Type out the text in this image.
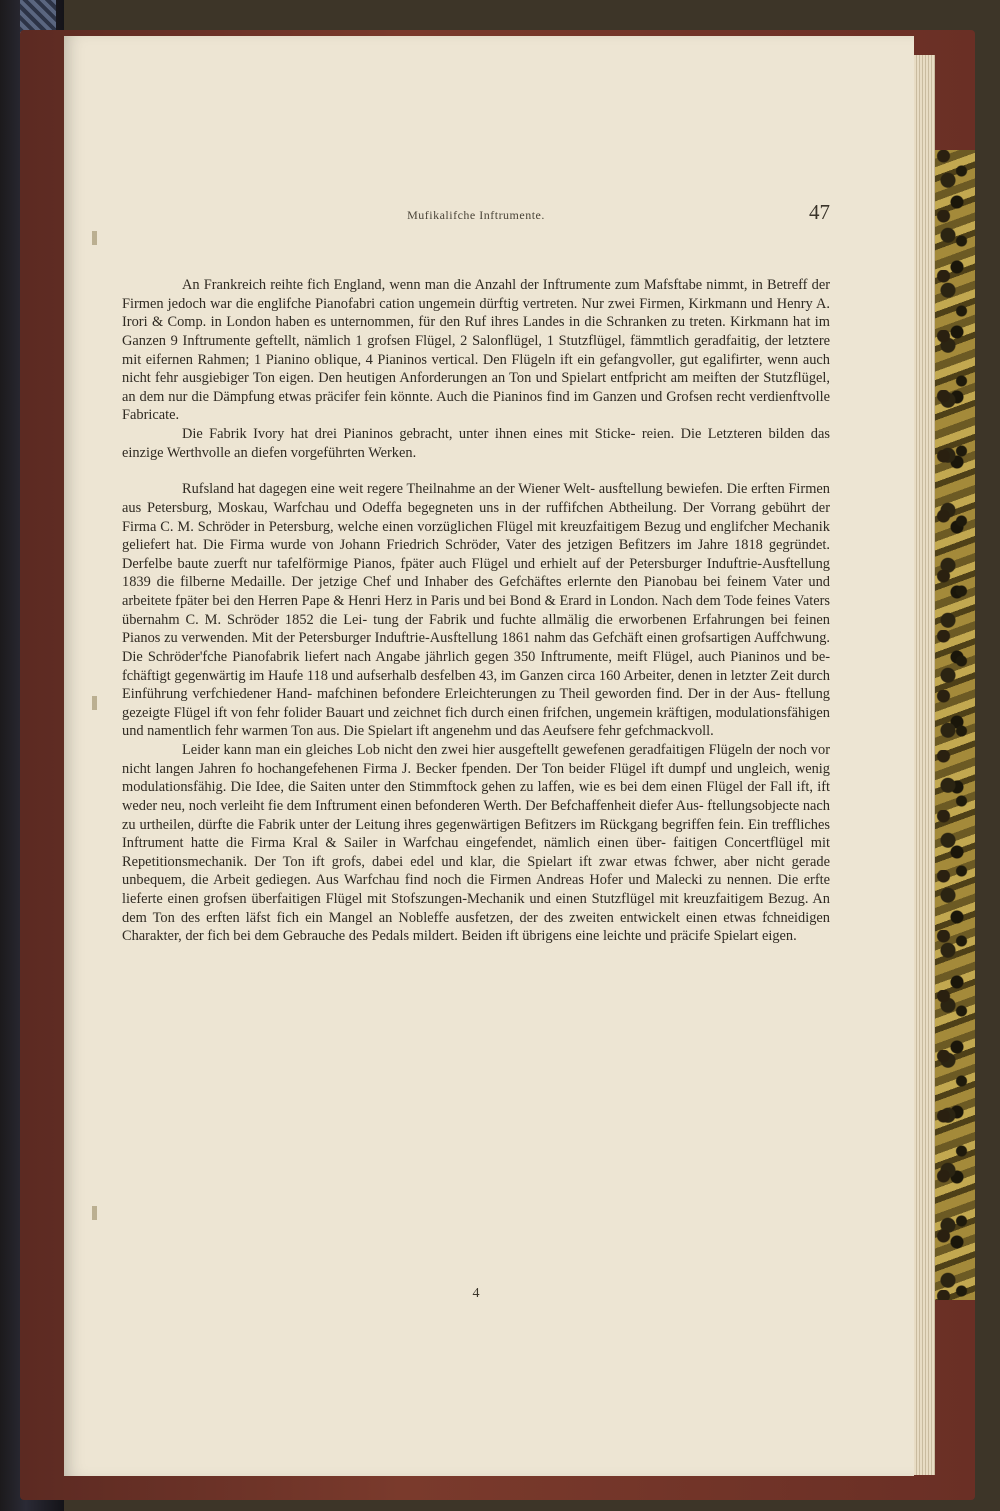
Mufikalifche Inftrumente.	47

An Frankreich reihte fich England, wenn man die Anzahl der Inftrumente zum Mafsftabe nimmt, in Betreff der Firmen jedoch war die englifche Pianofabri cation ungemein dürftig vertreten. Nur zwei Firmen, Kirkmann und Henry A. Irori & Comp. in London haben es unternommen, für den Ruf ihres Landes in die Schranken zu treten. Kirkmann hat im Ganzen 9 Inftrumente geftellt, nämlich 1 grofsen Flügel, 2 Salonflügel, 1 Stutzflügel, fämmtlich geradfaitig, der letztere mit eifernen Rahmen; 1 Pianino oblique, 4 Pianinos vertical. Den Flügeln ift ein gefangvoller, gut egalifirter, wenn auch nicht fehr ausgiebiger Ton eigen. Den heutigen Anforderungen an Ton und Spielart entfpricht am meiften der Stutzflügel, an dem nur die Dämpfung etwas präcifer fein könnte. Auch die Pianinos find im Ganzen und Grofsen recht verdienftvolle Fabricate.

Die Fabrik Ivory hat drei Pianinos gebracht, unter ihnen eines mit Sticke- reien. Die Letzteren bilden das einzige Werthvolle an diefen vorgeführten Werken.

Rufsland hat dagegen eine weit regere Theilnahme an der Wiener Welt- ausftellung bewiefen. Die erften Firmen aus Petersburg, Moskau, Warfchau und Odeffa begegneten uns in der ruffifchen Abtheilung. Der Vorrang gebührt der Firma C. M. Schröder in Petersburg, welche einen vorzüglichen Flügel mit kreuzfaitigem Bezug und englifcher Mechanik geliefert hat. Die Firma wurde von Johann Friedrich Schröder, Vater des jetzigen Befitzers im Jahre 1818 gegründet. Derfelbe baute zuerft nur tafelförmige Pianos, fpäter auch Flügel und erhielt auf der Petersburger Induftrie-Ausftellung 1839 die filberne Medaille. Der jetzige Chef und Inhaber des Gefchäftes erlernte den Pianobau bei feinem Vater und arbeitete fpäter bei den Herren Pape & Henri Herz in Paris und bei Bond & Erard in London. Nach dem Tode feines Vaters übernahm C. M. Schröder 1852 die Lei- tung der Fabrik und fuchte allmälig die erworbenen Erfahrungen bei feinen Pianos zu verwenden. Mit der Petersburger Induftrie-Ausftellung 1861 nahm das Gefchäft einen grofsartigen Auffchwung. Die Schröder'fche Pianofabrik liefert nach Angabe jährlich gegen 350 Inftrumente, meift Flügel, auch Pianinos und be- fchäftigt gegenwärtig im Haufe 118 und aufserhalb desfelben 43, im Ganzen circa 160 Arbeiter, denen in letzter Zeit durch Einführung verfchiedener Hand- mafchinen befondere Erleichterungen zu Theil geworden find. Der in der Aus- ftellung gezeigte Flügel ift von fehr folider Bauart und zeichnet fich durch einen frifchen, ungemein kräftigen, modulationsfähigen und namentlich fehr warmen Ton aus. Die Spielart ift angenehm und das Aeufsere fehr gefchmackvoll.

Leider kann man ein gleiches Lob nicht den zwei hier ausgeftellt gewefenen geradfaitigen Flügeln der noch vor nicht langen Jahren fo hochangefehenen Firma J. Becker fpenden. Der Ton beider Flügel ift dumpf und ungleich, wenig modulationsfähig. Die Idee, die Saiten unter den Stimmftock gehen zu laffen, wie es bei dem einen Flügel der Fall ift, ift weder neu, noch verleiht fie dem Inftrument einen befonderen Werth. Der Befchaffenheit diefer Aus- ftellungsobjecte nach zu urtheilen, dürfte die Fabrik unter der Leitung ihres gegenwärtigen Befitzers im Rückgang begriffen fein. Ein treffliches Inftrument hatte die Firma Kral & Sailer in Warfchau eingefendet, nämlich einen über- faitigen Concertflügel mit Repetitionsmechanik. Der Ton ift grofs, dabei edel und klar, die Spielart ift zwar etwas fchwer, aber nicht gerade unbequem, die Arbeit gediegen. Aus Warfchau find noch die Firmen Andreas Hofer und Malecki zu nennen. Die erfte lieferte einen grofsen überfaitigen Flügel mit Stofszungen-Mechanik und einen Stutzflügel mit kreuzfaitigem Bezug. An dem Ton des erften läfst fich ein Mangel an Nobleffe ausfetzen, der des zweiten entwickelt einen etwas fchneidigen Charakter, der fich bei dem Gebrauche des Pedals mildert. Beiden ift übrigens eine leichte und präcife Spielart eigen.

4
